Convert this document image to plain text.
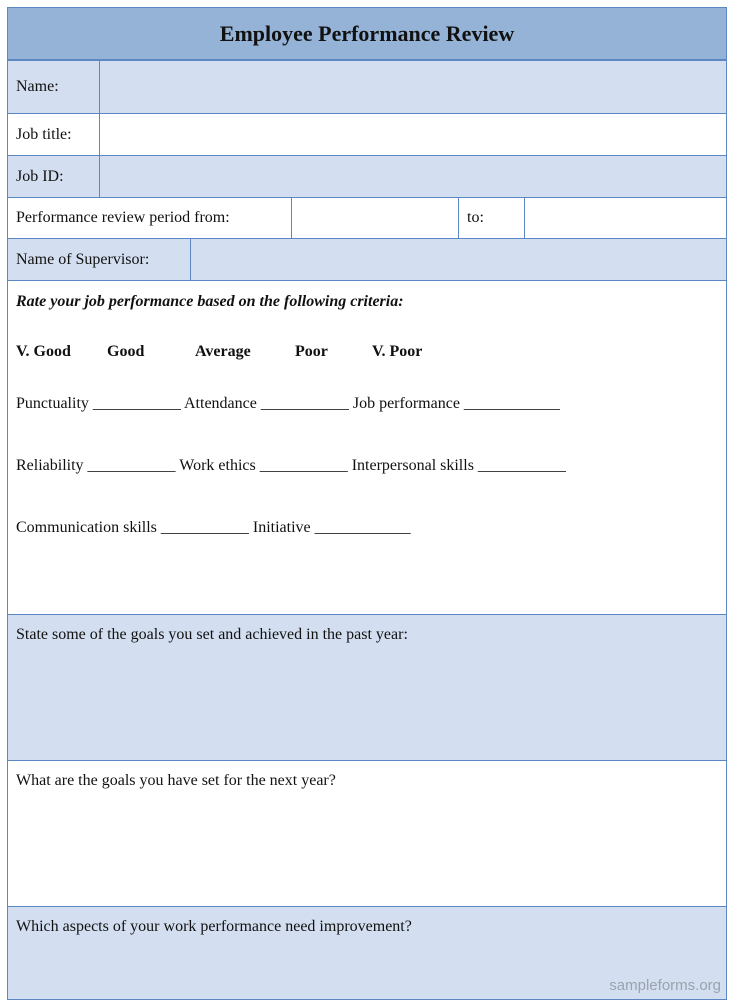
Employee Performance Review
Name:
Job title:
Job ID:
Performance review period from:	to:
Name of Supervisor:
Rate your job performance based on the following criteria:
V. Good Good	Average	Poor	V. Poor
Punctuality ___________ Attendance ___________ Job performance ____________
Reliability ___________ Work ethics ___________ Interpersonal skills ___________
Communication skills ___________ Initiative ____________
State some of the goals you set and achieved in the past year:
What are the goals you have set for the next year?
Which aspects of your work performance need improvement?
sampleforms.org
